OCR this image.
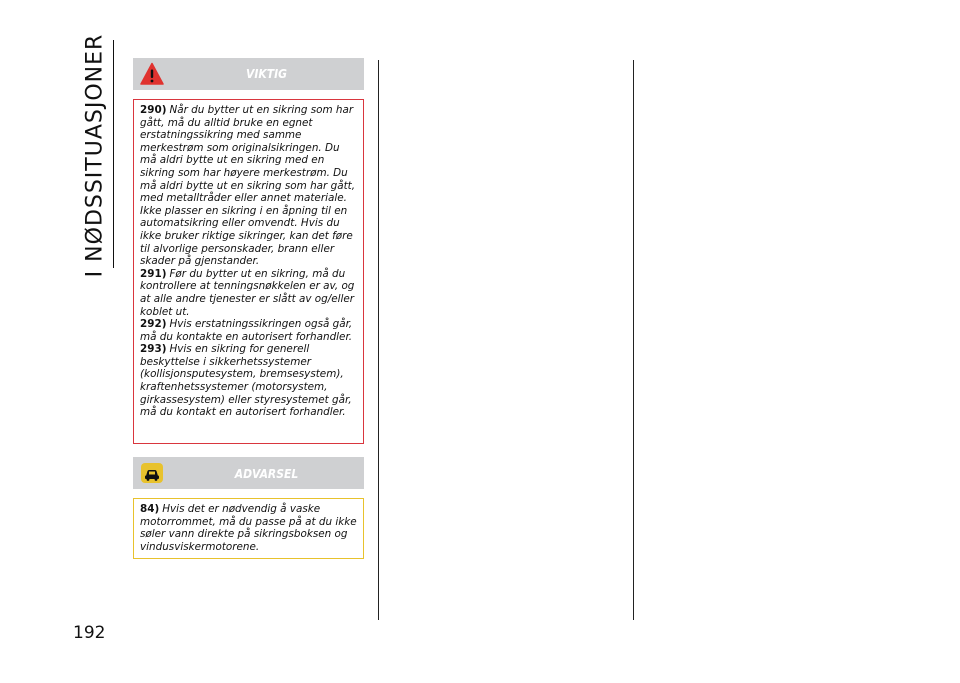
I NØDSSITUASJONER
192
VIKTIG

290) Når du bytter ut en sikring som har gått, må du alltid bruke en egnet erstatningssikring med samme merkestrøm som originalsikringen. Du må aldri bytte ut en sikring med en sikring som har høyere merkestrøm. Du må aldri bytte ut en sikring som har gått, med metalltråder eller annet materiale. Ikke plasser en sikring i en åpning til en automatsikring eller omvendt. Hvis du ikke bruker riktige sikringer, kan det føre til alvorlige personskader, brann eller skader på gjenstander.

291) Før du bytter ut en sikring, må du kontrollere at tenningsnøkkelen er av, og at alle andre tjenester er slått av og/eller koblet ut.

292) Hvis erstatningssikringen også går, må du kontakte en autorisert forhandler.

293) Hvis en sikring for generell beskyttelse i sikkerhetssystemer (kollisjonsputesystem, bremsesystem), kraftenhetssystemer (motorsystem, girkassesystem) eller styresystemet går, må du kontakt en autorisert forhandler.

ADVARSEL

84) Hvis det er nødvendig å vaske motorrommet, må du passe på at du ikke søler vann direkte på sikringsboksen og vindusviskermotorene.
